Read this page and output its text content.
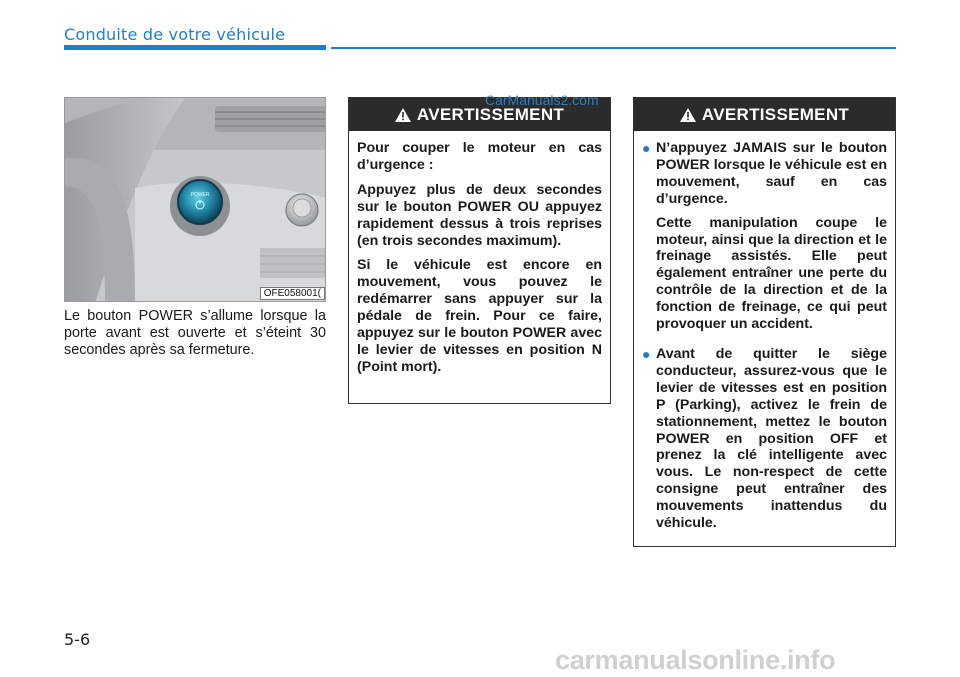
Conduite de votre véhicule
POWER
OFE058001(
Le bouton POWER s’allume lorsque la porte avant est ouverte et s’éteint 30 secondes après sa fermeture.
AVERTISSEMENT

Pour couper le moteur en cas d’urgence :

Appuyez plus de deux secondes sur le bouton POWER OU appuyez rapidement dessus à trois reprises (en trois secondes maximum).

Si le véhicule est encore en mouvement, vous pouvez le redémarrer sans appuyer sur la pédale de frein. Pour ce faire, appuyez sur le bouton POWER avec le levier de vitesses en position N (Point mort).

AVERTISSEMENT
● N’appuyez JAMAIS sur le bouton POWER lorsque le véhicule est en mouvement, sauf en cas d’urgence.

Cette manipulation coupe le moteur, ainsi que la direction et le freinage assistés. Elle peut également entraîner une perte du contrôle de la direction et de la fonction de freinage, ce qui peut provoquer un accident.

● Avant de quitter le siège conducteur, assurez-vous que le levier de vitesses est en position P (Parking), activez le frein de stationnement, mettez le bouton POWER en position OFF et prenez la clé intelligente avec vous. Le non-respect de cette consigne peut entraîner des mouvements inattendus du véhicule.

CarManuals2.com
5-6
carmanualsonline.info
